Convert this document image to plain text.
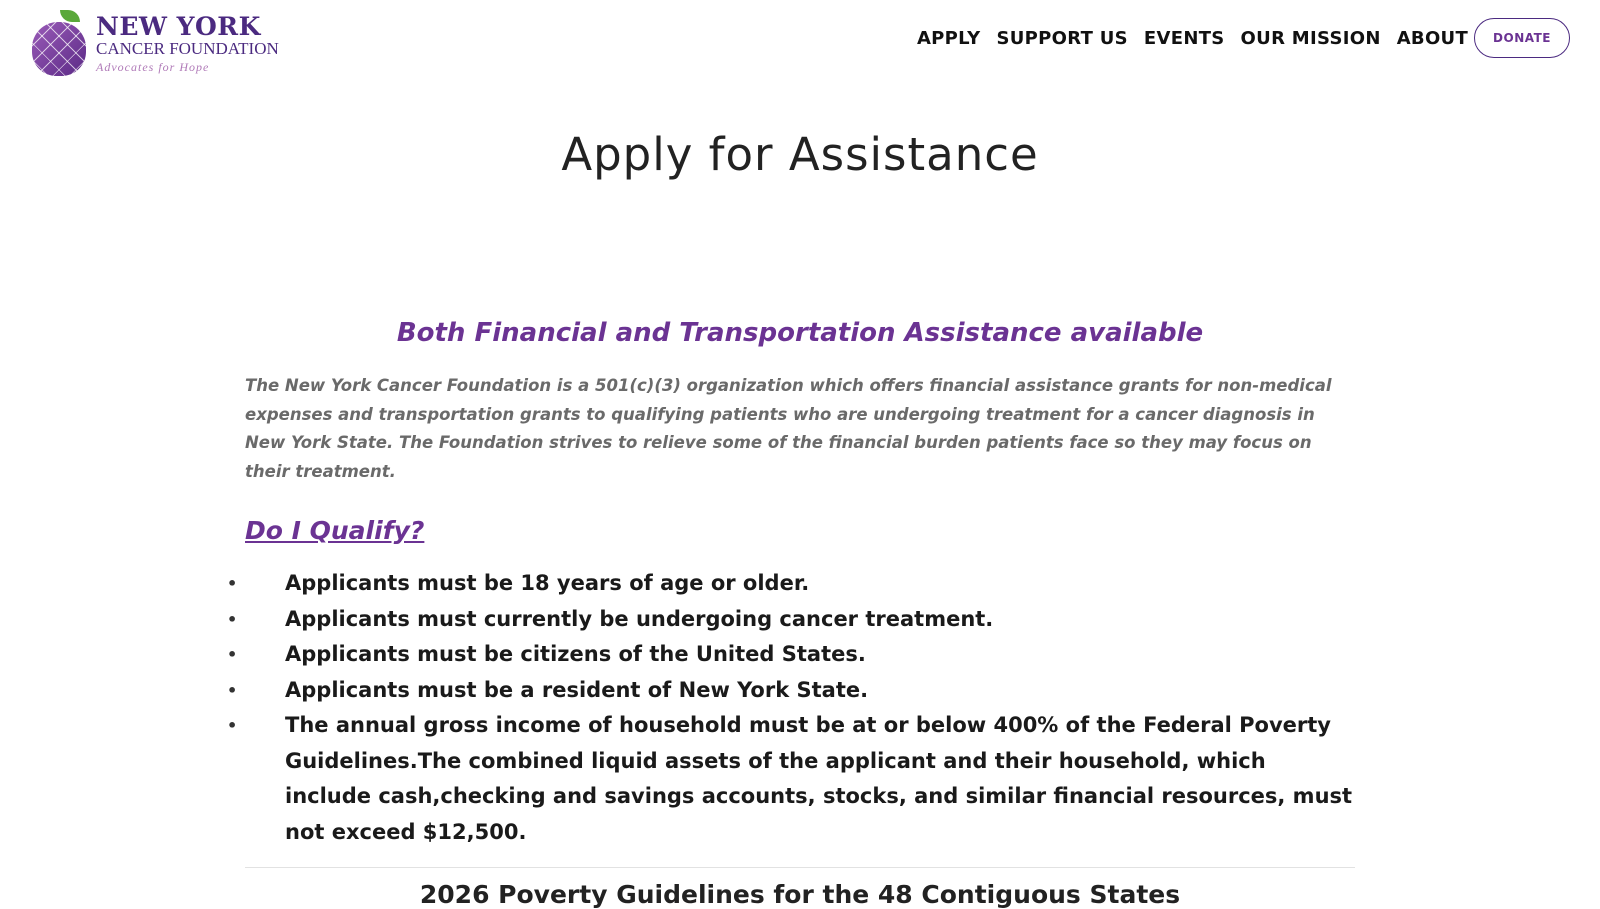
NEW YORK
CANCER FOUNDATION
Advocates for Hope
APPLY SUPPORT US EVENTS OUR MISSION ABOUT	DONATE
Apply for Assistance
Both Financial and Transportation Assistance available

The New York Cancer Foundation is a 501(c)(3) organization which offers financial assistance grants for non-medical expenses and transportation grants to qualifying patients who are undergoing treatment for a cancer diagnosis in New York State. The Foundation strives to relieve some of the financial burden patients face so they may focus on their treatment.

Do I Qualify?
• Applicants must be 18 years of age or older.
• Applicants must currently be undergoing cancer treatment.
• Applicants must be citizens of the United States.
• Applicants must be a resident of New York State.
• The annual gross income of household must be at or below 400% of the Federal Poverty Guidelines.The combined liquid assets of the applicant and their household, which include cash,checking and savings accounts, stocks, and similar financial resources, must not exceed $12,500.
2026 Poverty Guidelines for the 48 Contiguous States
